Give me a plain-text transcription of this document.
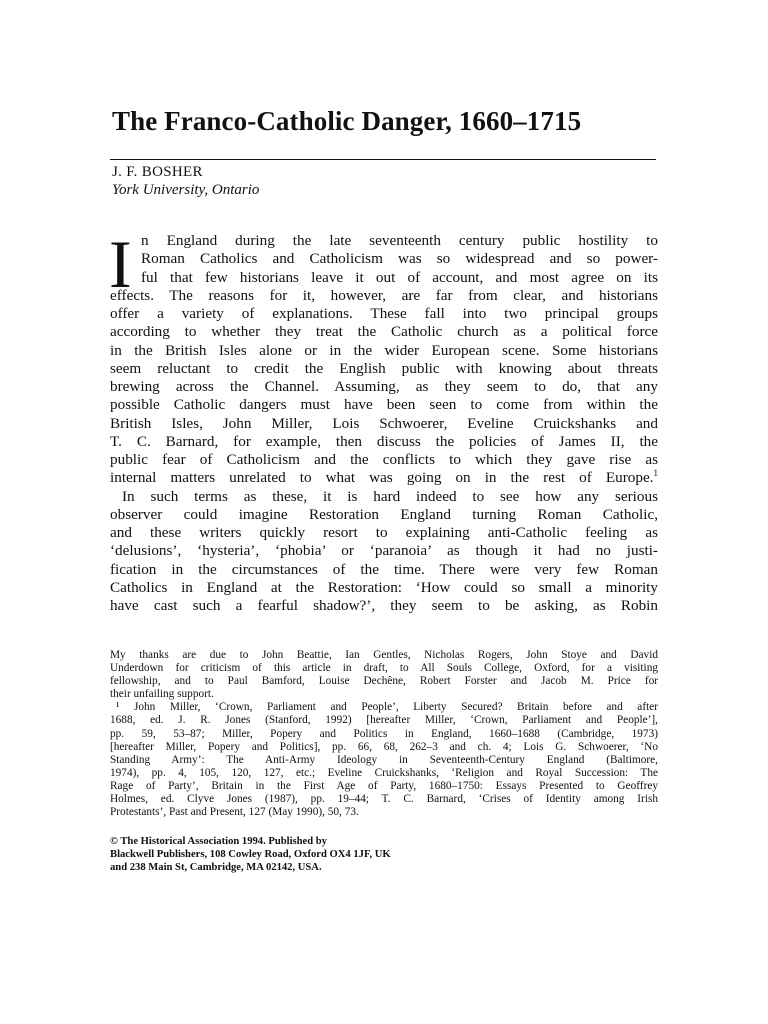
The Franco-Catholic Danger, 1660–1715
J. F. BOSHER
York University, Ontario
I n England during the late seventeenth century public hostility to
Roman Catholics and Catholicism was so widespread and so power-
ful that few historians leave it out of account, and most agree on its
effects. The reasons for it, however, are far from clear, and historians
offer a variety of explanations. These fall into two principal groups
according to whether they treat the Catholic church as a political force
in the British Isles alone or in the wider European scene. Some historians
seem reluctant to credit the English public with knowing about threats
brewing across the Channel. Assuming, as they seem to do, that any
possible Catholic dangers must have been seen to come from within the
British Isles, John Miller, Lois Schwoerer, Eveline Cruickshanks and
T. C. Barnard, for example, then discuss the policies of James II, the
public fear of Catholicism and the conflicts to which they gave rise as
internal matters unrelated to what was going on in the rest of Europe.$^1$
In such terms as these, it is hard indeed to see how any serious
observer could imagine Restoration England turning Roman Catholic,
and these writers quickly resort to explaining anti-Catholic feeling as
‘delusions’, ‘hysteria’, ‘phobia’ or ‘paranoia’ as though it had no justi-
fication in the circumstances of the time. There were very few Roman
Catholics in England at the Restoration: ‘How could so small a minority
have cast such a fearful shadow?’, they seem to be asking, as Robin
My thanks are due to John Beattie, Ian Gentles, Nicholas Rogers, John Stoye and David
Underdown for criticism of this article in draft, to All Souls College, Oxford, for a visiting
fellowship, and to Paul Bamford, Louise Dechêne, Robert Forster and Jacob M. Price for
their unfailing support.
¹ John Miller, ‘Crown, Parliament and People’, Liberty Secured? Britain before and after
1688, ed. J. R. Jones (Stanford, 1992) [hereafter Miller, ‘Crown, Parliament and People’],
pp. 59, 53–87; Miller, Popery and Politics in England, 1660–1688 (Cambridge, 1973)
[hereafter Miller, Popery and Politics], pp. 66, 68, 262–3 and ch. 4; Lois G. Schwoerer, ‘No
Standing Army’: The Anti-Army Ideology in Seventeenth-Century England (Baltimore,
1974), pp. 4, 105, 120, 127, etc.; Eveline Cruickshanks, ‘Religion and Royal Succession: The
Rage of Party’, Britain in the First Age of Party, 1680–1750: Essays Presented to Geoffrey
Holmes, ed. Clyve Jones (1987), pp. 19–44; T. C. Barnard, ‘Crises of Identity among Irish
Protestants’, Past and Present, 127 (May 1990), 50, 73.
© The Historical Association 1994. Published by
Blackwell Publishers, 108 Cowley Road, Oxford OX4 1JF, UK
and 238 Main St, Cambridge, MA 02142, USA.
